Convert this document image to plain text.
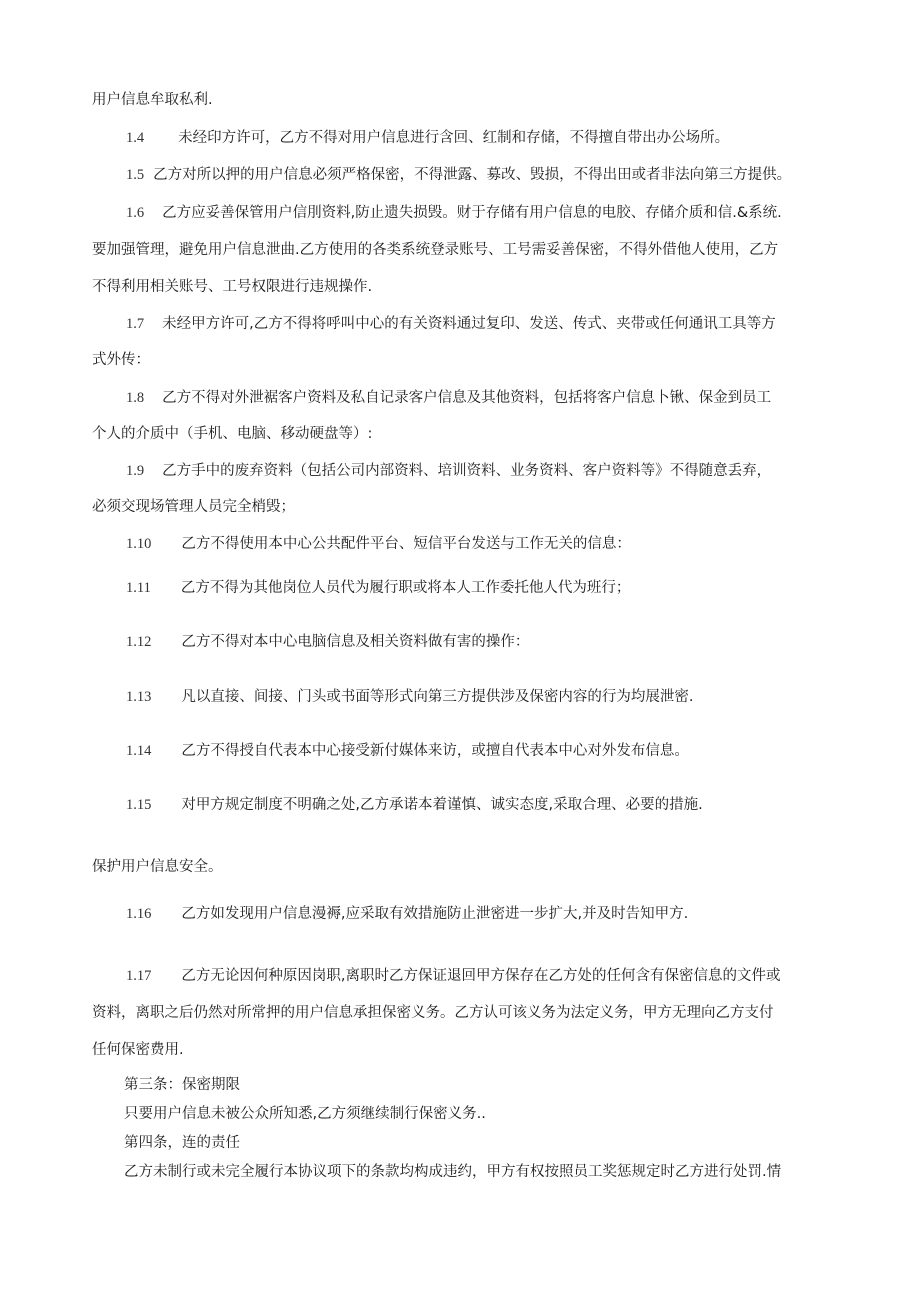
用户信息牟取私利.
1.4 未经印方许可，乙方不得对用户信息进行含回、红制和存储，不得擅自带出办公场所。
1.5 乙方对所以押的用户信息必须严格保密，不得泄露、募改、毁损，不得出田或者非法向第三方提供。
1.6 乙方应妥善保管用户信刖资料,防止遗失损毁。财于存储有用户信息的电胶、存储介质和信.&系统.
要加强管理，避免用户信息泄曲.乙方使用的各类系统登录账号、工号需妥善保密，不得外借他人使用，乙方
不得利用相关账号、工号权限进行违规操作.
1.7 未经甲方许可,乙方不得将呼叫中心的有关资料通过复印、发送、传式、夹带或任何通讯工具等方
式外传：
1.8 乙方不得对外泄裾客户资料及私自记录客户信息及其他资料，包括将客户信息卜锹、保金到员工
个人的介质中（手机、电脑、移动硬盘等）:
1.9 乙方手中的废弃资料（包括公司内部资料、培训资料、业务资料、客户资料等》不得随意丢弃，
必须交现场管理人员完全梢毁；
1.10 乙方不得使用本中心公共配件平台、短信平台发送与工作无关的信息：
1.11 乙方不得为其他岗位人员代为履行职或将本人工作委托他人代为班行；
1.12 乙方不得对本中心电脑信息及相关资料做有害的操作：
1.13 凡以直接、间接、门头或书面等形式向第三方提供涉及保密内容的行为均展泄密.
1.14 乙方不得授自代表本中心接受新付媒体来访，或擅自代表本中心对外发布信息。
1.15 对甲方规定制度不明确之处,乙方承诺本着谨慎、诚实态度,采取合理、必要的措施.
保护用户信息安全。
1.16 乙方如发现用户信息漫褥,应采取有效措施防止泄密进一步扩大,并及时告知甲方.
1.17 乙方无论因何种原因岗职,离职时乙方保证退回甲方保存在乙方处的任何含有保密信息的文件或
资料，离职之后仍然对所常押的用户信息承担保密义务。乙方认可该义务为法定义务，甲方无理向乙方支付
任何保密费用.
第三条：保密期限
只要用户信息未被公众所知悉,乙方须继续制行保密义务..
第四条，连的责任
乙方未制行或未完全履行本协议项下的条款均构成违约，甲方有权按照员工奖惩规定时乙方进行处罚.情
